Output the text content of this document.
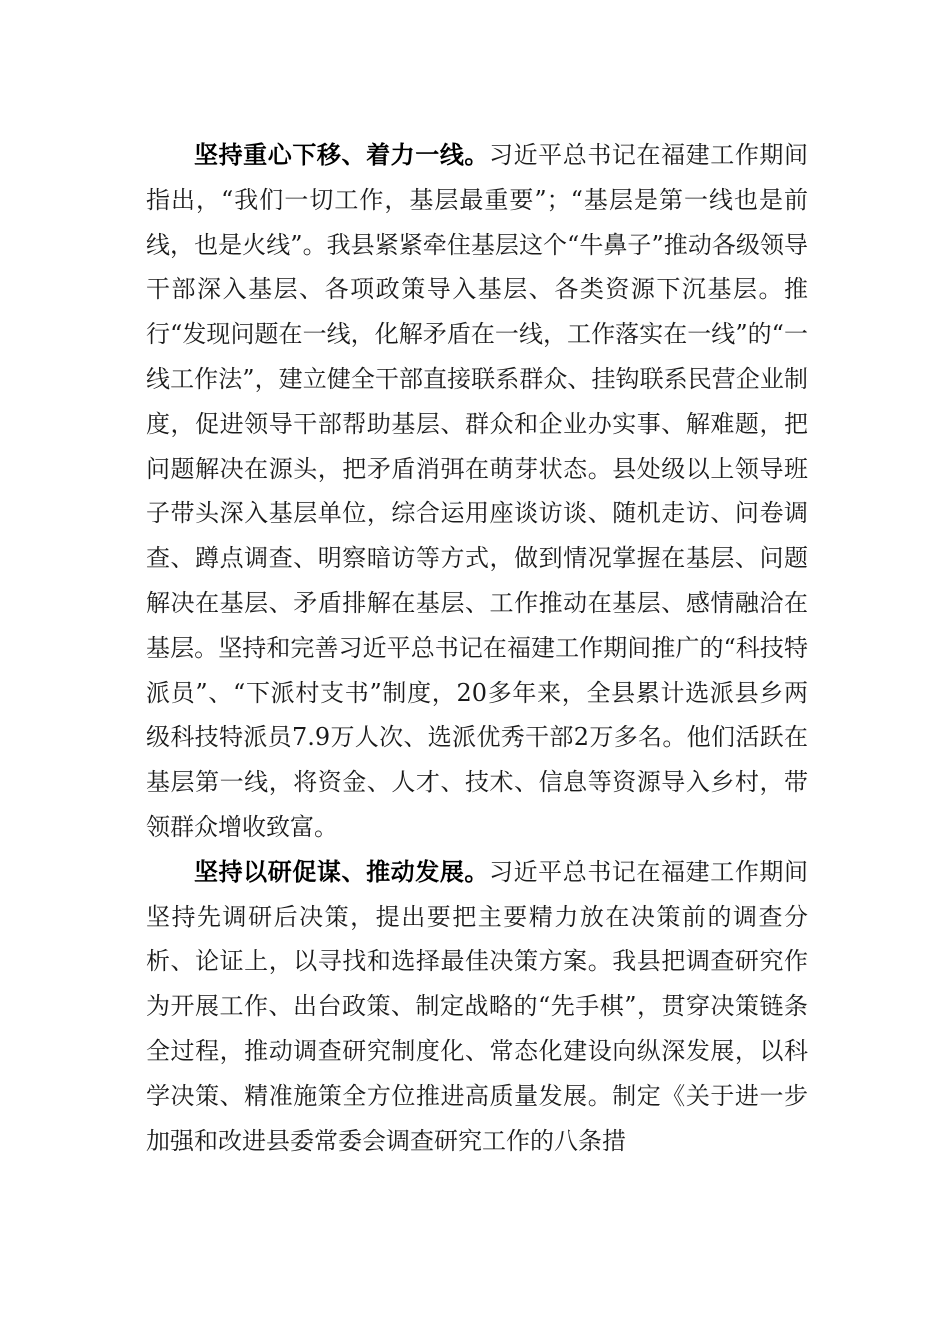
坚持重心下移、着力一线。习近平总书记在福建工作期间指出，“我们一切工作，基层最重要”；“基层是第一线也是前线，也是火线”。我县紧紧牵住基层这个“牛鼻子”推动各级领导干部深入基层、各项政策导入基层、各类资源下沉基层。推行“发现问题在一线，化解矛盾在一线，工作落实在一线”的“一线工作法”，建立健全干部直接联系群众、挂钩联系民营企业制度，促进领导干部帮助基层、群众和企业办实事、解难题，把问题解决在源头，把矛盾消弭在萌芽状态。县处级以上领导班子带头深入基层单位，综合运用座谈访谈、随机走访、问卷调查、蹲点调查、明察暗访等方式，做到情况掌握在基层、问题解决在基层、矛盾排解在基层、工作推动在基层、感情融洽在基层。坚持和完善习近平总书记在福建工作期间推广的“科技特派员”、“下派村支书”制度，20多年来，全县累计选派县乡两级科技特派员7.9万人次、选派优秀干部2万多名。他们活跃在基层第一线，将资金、人才、技术、信息等资源导入乡村，带领群众增收致富。

坚持以研促谋、推动发展。习近平总书记在福建工作期间坚持先调研后决策，提出要把主要精力放在决策前的调查分析、论证上，以寻找和选择最佳决策方案。我县把调查研究作为开展工作、出台政策、制定战略的“先手棋”，贯穿决策链条全过程，推动调查研究制度化、常态化建设向纵深发展，以科学决策、精准施策全方位推进高质量发展。制定《关于进一步加强和改进县委常委会调查研究工作的八条措
